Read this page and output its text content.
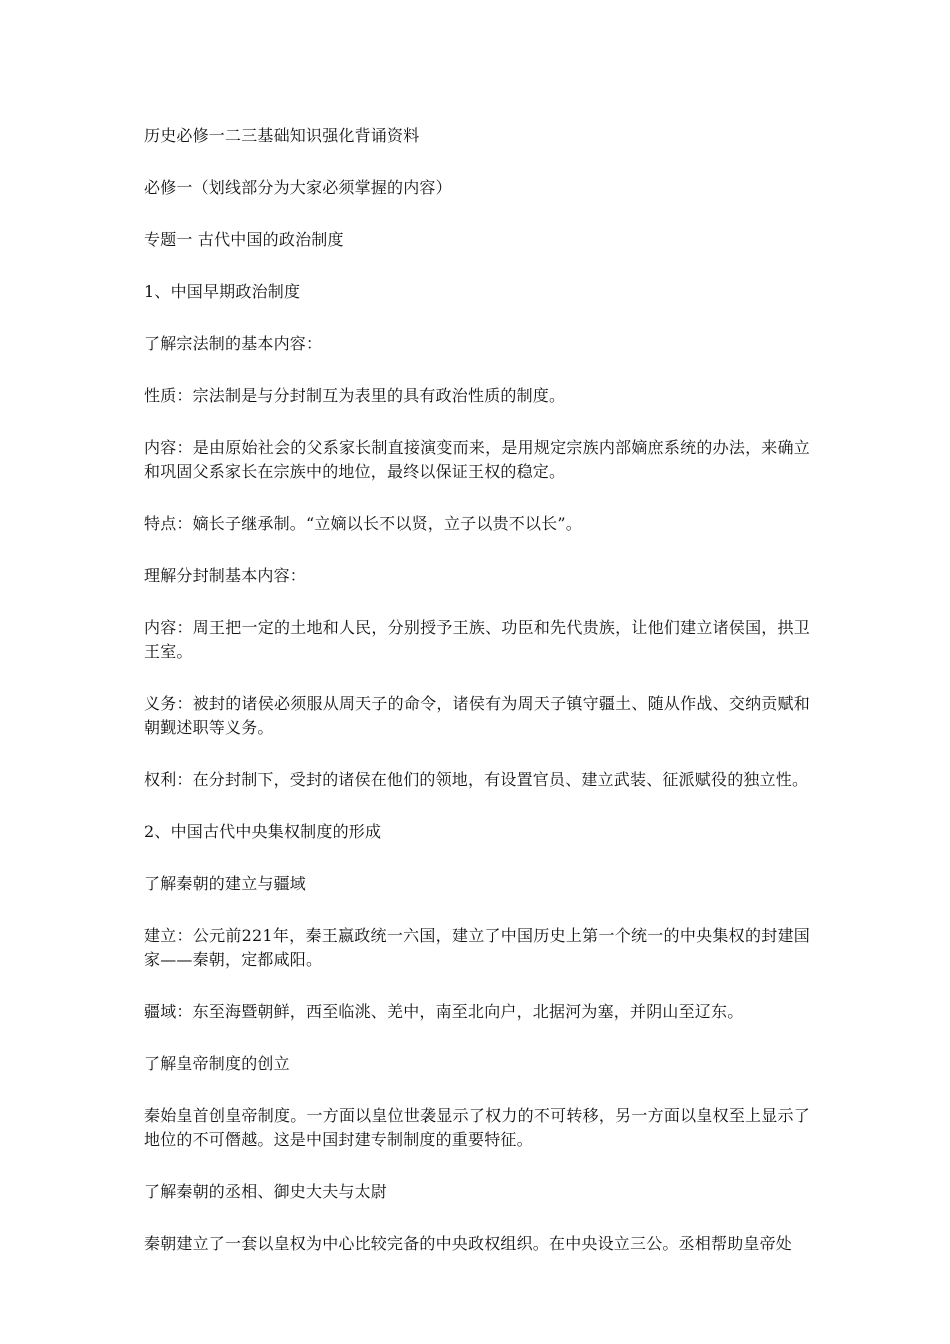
历史必修一二三基础知识强化背诵资料

必修一（划线部分为大家必须掌握的内容）

专题一 古代中国的政治制度

1、中国早期政治制度

了解宗法制的基本内容：

性质：宗法制是与分封制互为表里的具有政治性质的制度。

内容：是由原始社会的父系家长制直接演变而来，是用规定宗族内部嫡庶系统的办法，来确立和巩固父系家长在宗族中的地位，最终以保证王权的稳定。

特点：嫡长子继承制。“立嫡以长不以贤，立子以贵不以长”。

理解分封制基本内容：

内容：周王把一定的土地和人民，分别授予王族、功臣和先代贵族，让他们建立诸侯国，拱卫王室。

义务：被封的诸侯必须服从周天子的命令，诸侯有为周天子镇守疆土、随从作战、交纳贡赋和朝觐述职等义务。

权利：在分封制下，受封的诸侯在他们的领地，有设置官员、建立武装、征派赋役的独立性。

2、中国古代中央集权制度的形成

了解秦朝的建立与疆域

建立：公元前221年，秦王嬴政统一六国，建立了中国历史上第一个统一的中央集权的封建国家——秦朝，定都咸阳。

疆域：东至海暨朝鲜，西至临洮、羌中，南至北向户，北据河为塞，并阴山至辽东。

了解皇帝制度的创立

秦始皇首创皇帝制度。一方面以皇位世袭显示了权力的不可转移，另一方面以皇权至上显示了地位的不可僭越。这是中国封建专制制度的重要特征。

了解秦朝的丞相、御史大夫与太尉

秦朝建立了一套以皇权为中心比较完备的中央政权组织。在中央设立三公。丞相帮助皇帝处
